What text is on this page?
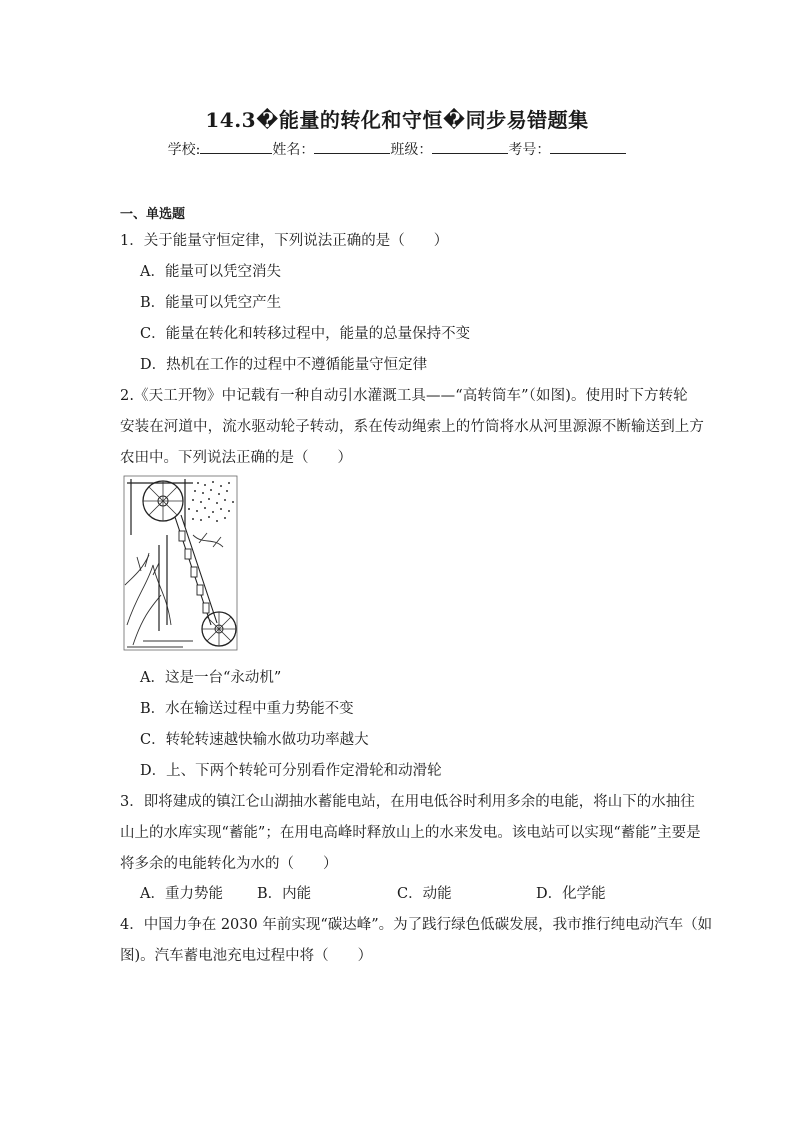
14.3�能量的转化和守恒�同步易错题集
学校:	姓名：	班级：	考号：
一、单选题
1．关于能量守恒定律，下列说法正确的是（　　）
A．能量可以凭空消失
B．能量可以凭空产生
C．能量在转化和转移过程中，能量的总量保持不变
D．热机在工作的过程中不遵循能量守恒定律
2.《天工开物》中记载有一种自动引水灌溉工具——“高转筒车”（如图)。使用时下方转轮
安装在河道中，流水驱动轮子转动，系在传动绳索上的竹筒将水从河里源源不断输送到上方
农田中。下列说法正确的是（　　）
A．这是一台“永动机”
B．水在输送过程中重力势能不变
C．转轮转速越快输水做功功率越大
D．上、下两个转轮可分别看作定滑轮和动滑轮
3．即将建成的镇江仑山湖抽水蓄能电站，在用电低谷时利用多余的电能，将山下的水抽往
山上的水库实现“蓄能”；在用电高峰时释放山上的水来发电。该电站可以实现“蓄能”主要是
将多余的电能转化为水的（　　）
A．重力势能 B．内能	C．动能	D．化学能
4．中国力争在 2030 年前实现“碳达峰”。为了践行绿色低碳发展，我市推行纯电动汽车（如
图)。汽车蓄电池充电过程中将（　　）
